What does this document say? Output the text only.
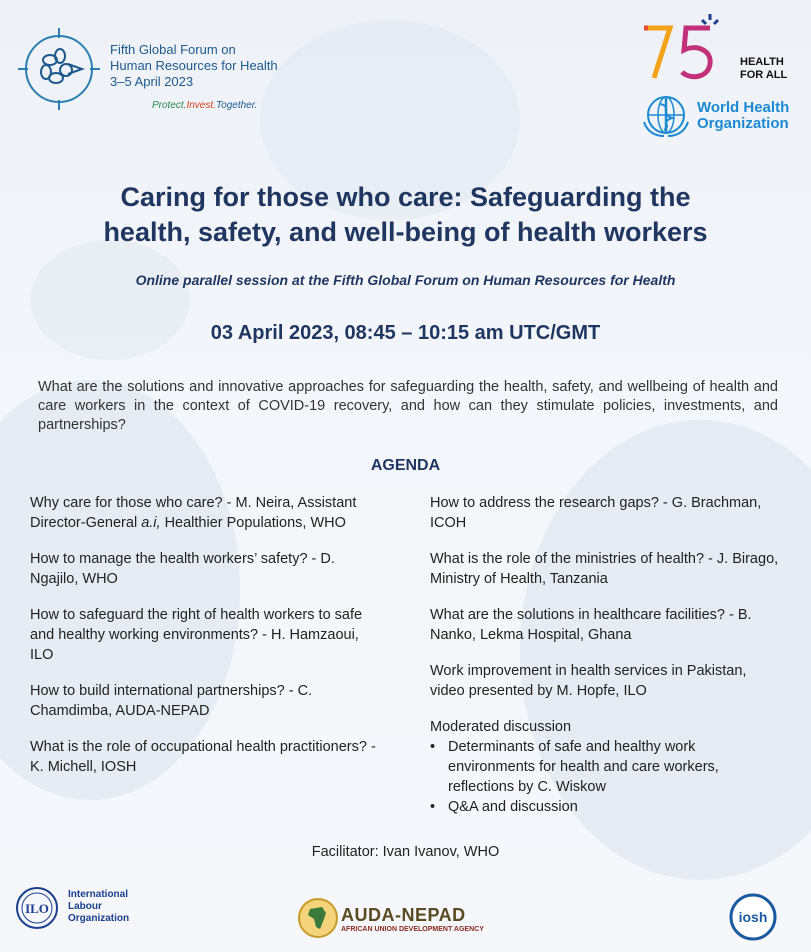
Fifth Global Forum on
Human Resources for Health
3–5 April 2023
Protect.Invest.Together.
HEALTH
FOR ALL
World Health
Organization
Caring for those who care: Safeguarding the
health, safety, and well-being of health workers
Online parallel session at the Fifth Global Forum on Human Resources for Health
03 April 2023, 08:45 – 10:15 am UTC/GMT
What are the solutions and innovative approaches for safeguarding the health, safety, and wellbeing of health and care workers in the context of COVID-19 recovery, and how can they stimulate policies, investments, and partnerships?
AGENDA
Why care for those who care? - M. Neira, Assistant Director-General a.i, Healthier Populations, WHO
How to manage the health workers’ safety? - D. Ngajilo, WHO
How to safeguard the right of health workers to safe and healthy working environments? - H. Hamzaoui, ILO
How to build international partnerships? - C. Chamdimba, AUDA-NEPAD
What is the role of occupational health practitioners? - K. Michell, IOSH
How to address the research gaps? - G. Brachman, ICOH
What is the role of the ministries of health? - J. Birago, Ministry of Health, Tanzania
What are the solutions in healthcare facilities? - B. Nanko, Lekma Hospital, Ghana
Work improvement in health services in Pakistan, video presented by M. Hopfe, ILO
Moderated discussion
• Determinants of safe and healthy work environments for health and care workers, reflections by C. Wiskow
• Q&A and discussion
Facilitator: Ivan Ivanov, WHO
ILO
International
Labour
Organization	AUDA-NEPAD
AFRICAN UNION DEVELOPMENT AGENCY
iosh
